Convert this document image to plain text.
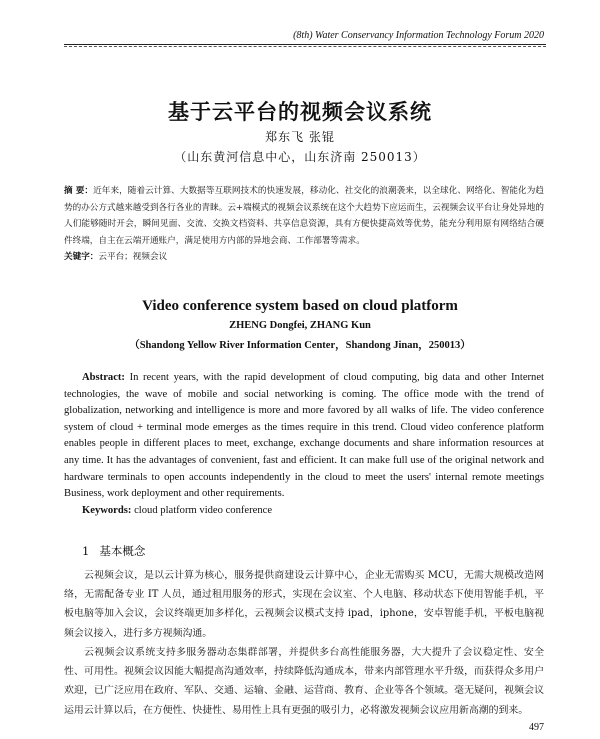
(8th) Water Conservancy Information Technology Forum 2020
基于云平台的视频会议系统
郑东飞 张锟
（山东黄河信息中心，山东济南 250013）
摘 要：近年来，随着云计算、大数据等互联网技术的快速发展，移动化、社交化的浪潮袭来，以全球化、网络化、智能化为趋势的办公方式越来越受到各行各业的青睐。云+端模式的视频会议系统在这个大趋势下应运而生，云视频会议平台让身处异地的人们能够随时开会，瞬间见面、交流、交换文档资料、共享信息资源，具有方便快捷高效等优势，能充分利用原有网络结合硬件终端，自主在云端开通账户，满足使用方内部的异地会商、工作部署等需求。
关键字：云平台；视频会议
Video conference system based on cloud platform
ZHENG Dongfei, ZHANG Kun
（Shandong Yellow River Information Center，Shandong Jinan，250013）
Abstract: In recent years, with the rapid development of cloud computing, big data and other Internet technologies, the wave of mobile and social networking is coming. The office mode with the trend of globalization, networking and intelligence is more and more favored by all walks of life. The video conference system of cloud + terminal mode emerges as the times require in this trend. Cloud video conference platform enables people in different places to meet, exchange, exchange documents and share information resources at any time. It has the advantages of convenient, fast and efficient. It can make full use of the original network and hardware terminals to open accounts independently in the cloud to meet the users' internal remote meetings Business, work deployment and other requirements.
Keywords: cloud platform video conference
1 基本概念
云视频会议，是以云计算为核心，服务提供商建设云计算中心，企业无需购买 MCU，无需大规模改造网络，无需配备专业 IT 人员，通过租用服务的形式，实现在会议室、个人电脑、移动状态下使用智能手机，平板电脑等加入会议，会议终端更加多样化，云视频会议模式支持 ipad，iphone，安卓智能手机，平板电脑视频会议接入，进行多方视频沟通。
云视频会议系统支持多服务器动态集群部署，并提供多台高性能服务器，大大提升了会议稳定性、安全性、可用性。视频会议因能大幅提高沟通效率，持续降低沟通成本，带来内部管理水平升级，而获得众多用户欢迎，已广泛应用在政府、军队、交通、运输、金融、运营商、教育、企业等各个领域。毫无疑问，视频会议运用云计算以后，在方便性、快捷性、易用性上具有更强的吸引力，必将激发视频会议应用新高潮的到来。
497
